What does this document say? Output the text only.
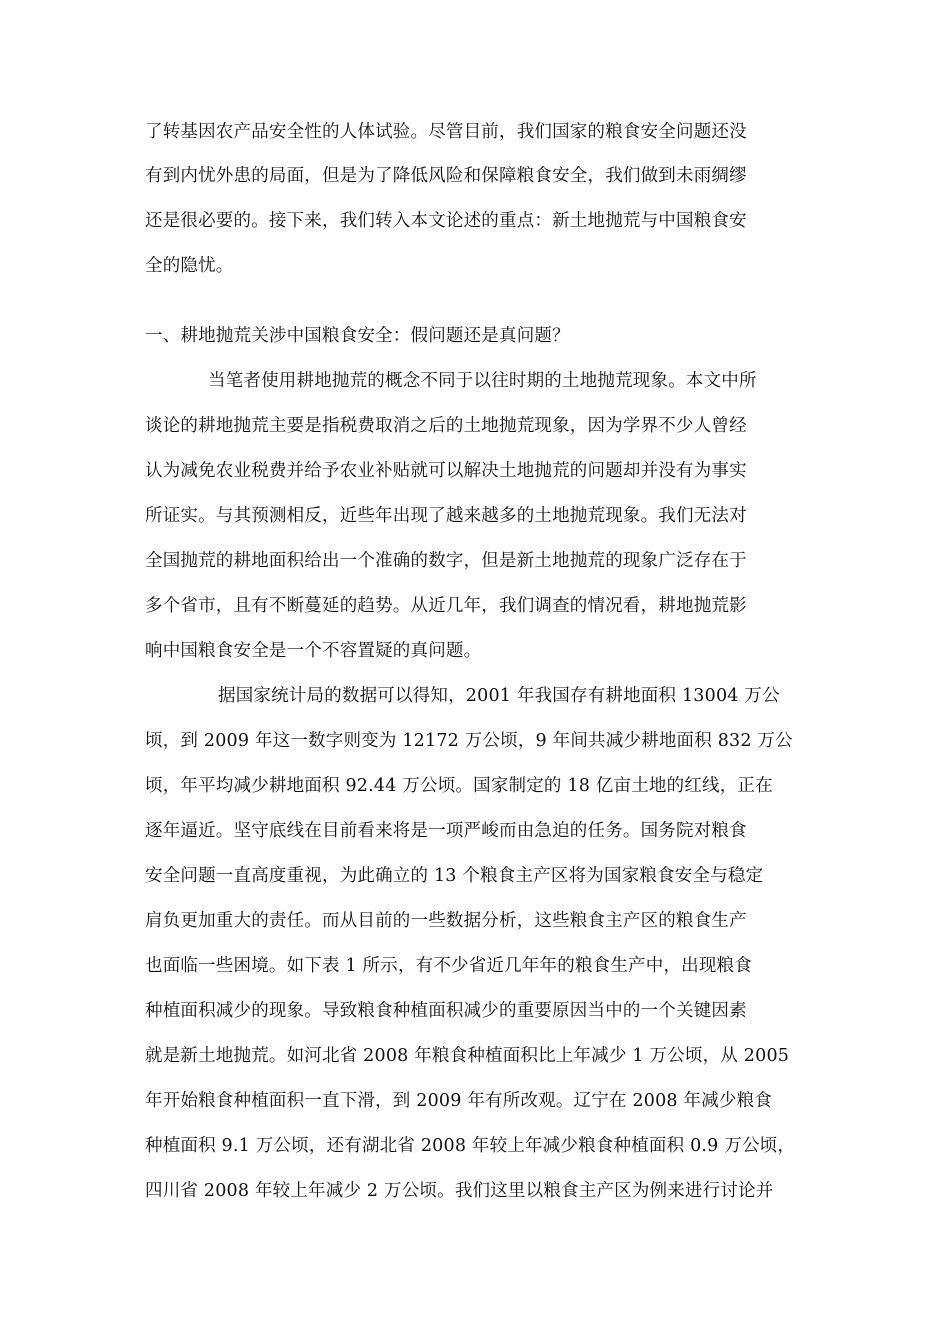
了转基因农产品安全性的人体试验。尽管目前，我们国家的粮食安全问题还没
有到内忧外患的局面，但是为了降低风险和保障粮食安全，我们做到未雨绸缪
还是很必要的。接下来，我们转入本文论述的重点：新土地抛荒与中国粮食安
全的隐忧。
一、耕地抛荒关涉中国粮食安全：假问题还是真问题？
当笔者使用耕地抛荒的概念不同于以往时期的土地抛荒现象。本文中所
谈论的耕地抛荒主要是指税费取消之后的土地抛荒现象，因为学界不少人曾经
认为减免农业税费并给予农业补贴就可以解决土地抛荒的问题却并没有为事实
所证实。与其预测相反，近些年出现了越来越多的土地抛荒现象。我们无法对
全国抛荒的耕地面积给出一个准确的数字，但是新土地抛荒的现象广泛存在于
多个省市，且有不断蔓延的趋势。从近几年，我们调查的情况看，耕地抛荒影
响中国粮食安全是一个不容置疑的真问题。
据国家统计局的数据可以得知，2001 年我国存有耕地面积 13004 万公
顷，到 2009 年这一数字则变为 12172 万公顷，9 年间共减少耕地面积 832 万公
顷，年平均减少耕地面积 92.44 万公顷。国家制定的 18 亿亩土地的红线，正在
逐年逼近。坚守底线在目前看来将是一项严峻而由急迫的任务。国务院对粮食
安全问题一直高度重视，为此确立的 13 个粮食主产区将为国家粮食安全与稳定
肩负更加重大的责任。而从目前的一些数据分析，这些粮食主产区的粮食生产
也面临一些困境。如下表 1 所示，有不少省近几年年的粮食生产中，出现粮食
种植面积减少的现象。导致粮食种植面积减少的重要原因当中的一个关键因素
就是新土地抛荒。如河北省 2008 年粮食种植面积比上年减少 1 万公顷，从 2005
年开始粮食种植面积一直下滑，到 2009 年有所改观。辽宁在 2008 年减少粮食
种植面积 9.1 万公顷，还有湖北省 2008 年较上年减少粮食种植面积 0.9 万公顷，
四川省 2008 年较上年减少 2 万公顷。我们这里以粮食主产区为例来进行讨论并
